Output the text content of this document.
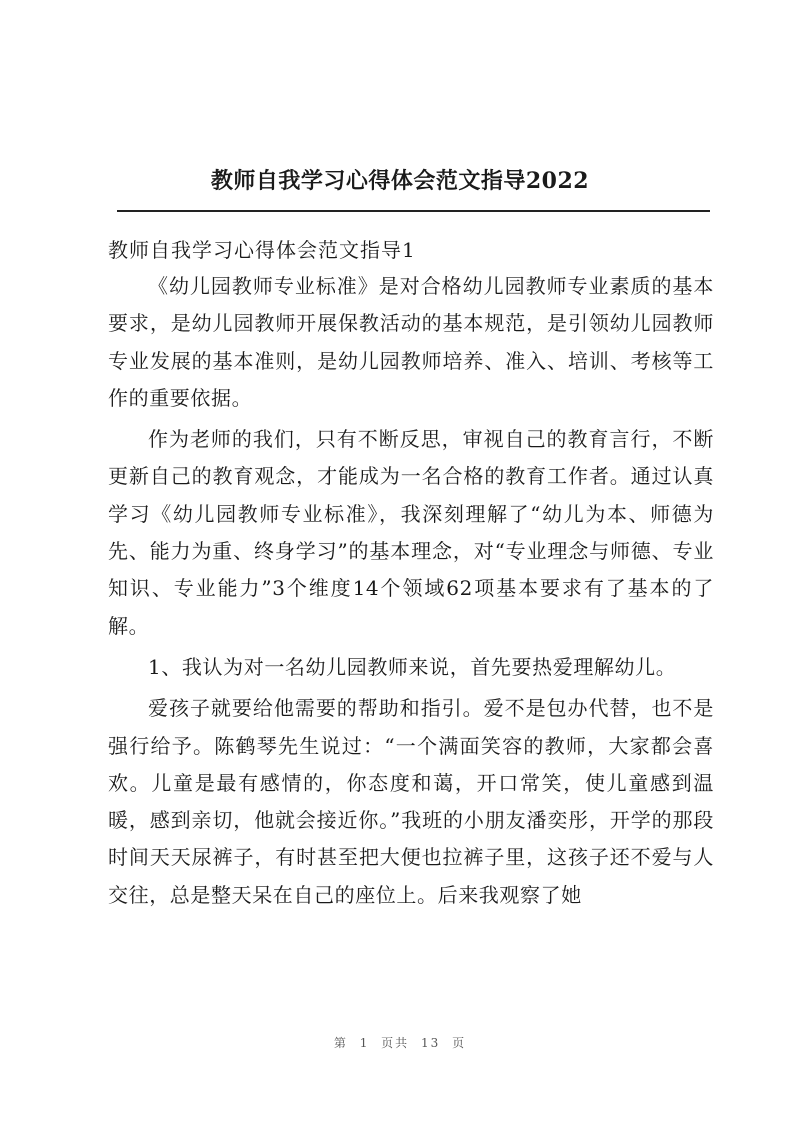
教师自我学习心得体会范文指导2022
教师自我学习心得体会范文指导1

《幼儿园教师专业标准》是对合格幼儿园教师专业素质的基本要求，是幼儿园教师开展保教活动的基本规范，是引领幼儿园教师专业发展的基本准则，是幼儿园教师培养、准入、培训、考核等工作的重要依据。

作为老师的我们，只有不断反思，审视自己的教育言行，不断更新自己的教育观念，才能成为一名合格的教育工作者。通过认真学习《幼儿园教师专业标准》，我深刻理解了“幼儿为本、师德为先、能力为重、终身学习”的基本理念，对“专业理念与师德、专业知识、专业能力”3个维度14个领域62项基本要求有了基本的了解。

1、我认为对一名幼儿园教师来说，首先要热爱理解幼儿。

爱孩子就要给他需要的帮助和指引。爱不是包办代替，也不是强行给予。陈鹤琴先生说过：“一个满面笑容的教师，大家都会喜欢。儿童是最有感情的，你态度和蔼，开口常笑，使儿童感到温暖，感到亲切，他就会接近你。”我班的小朋友潘奕彤，开学的那段时间天天尿裤子，有时甚至把大便也拉裤子里，这孩子还不爱与人交往，总是整天呆在自己的座位上。后来我观察了她

第 1 页共 13 页
